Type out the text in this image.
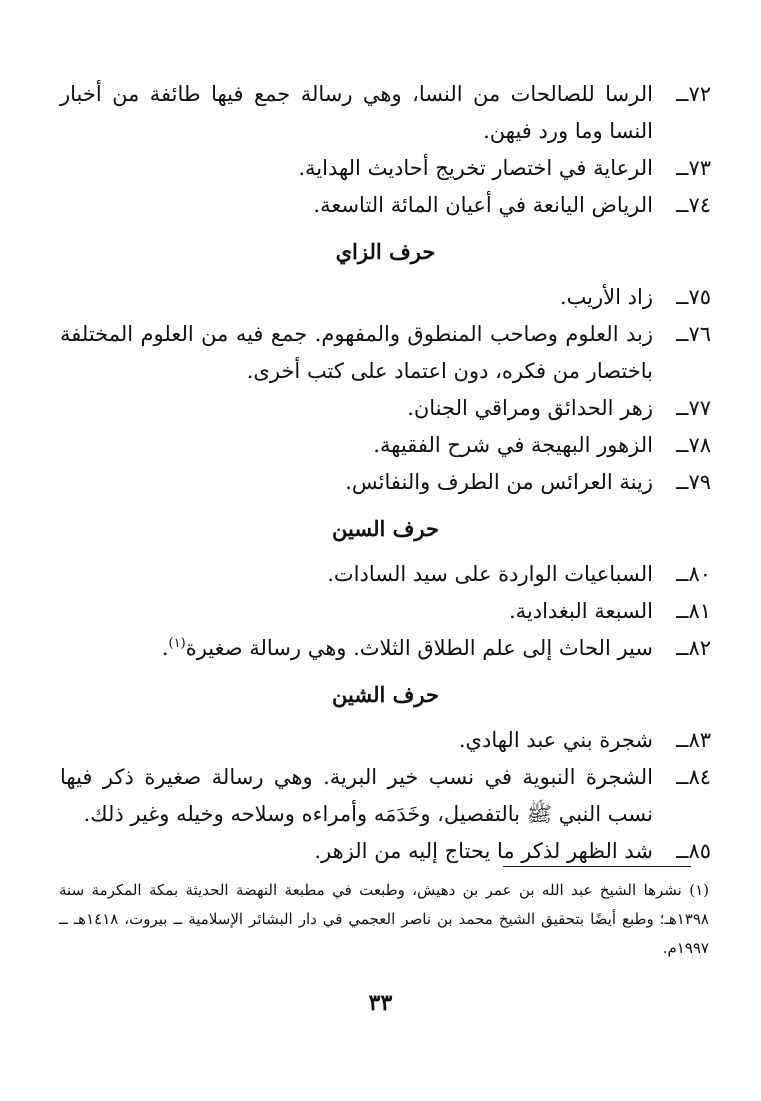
٧٢ــ
الرسا للصالحات من النسا، وهي رسالة جمع فيها طائفة من أخبار النسا وما ورد فيهن.
٧٣ــ
الرعاية في اختصار تخريج أحاديث الهداية.
٧٤ــ
الرياض اليانعة في أعيان المائة التاسعة.
حرف الزاي
٧٥ــ
زاد الأريب.
٧٦ــ
زبد العلوم وصاحب المنطوق والمفهوم. جمع فيه من العلوم المختلفة باختصار من فكره، دون اعتماد على كتب أخرى.
٧٧ــ
زهر الحدائق ومراقي الجنان.
٧٨ــ
الزهور البهيجة في شرح الفقيهة.
٧٩ــ
زينة العرائس من الطرف والنفائس.
حرف السين
٨٠ــ
السباعيات الواردة على سيد السادات.
٨١ــ
السبعة البغدادية.
٨٢ــ
سير الحاث إلى علم الطلاق الثلاث. وهي رسالة صغيرة$^{(١)}$.
حرف الشين
٨٣ــ
شجرة بني عبد الهادي.
٨٤ــ
الشجرة النبوية في نسب خير البرية. وهي رسالة صغيرة ذكر فيها نسب النبي ﷺ بالتفصيل، وخَدَمَه وأمراءه وسلاحه وخيله وغير ذلك.
٨٥ــ
شد الظهر لذكر ما يحتاج إليه من الزهر.
(١) نشرها الشيخ عبد الله بن عمر بن دهيش، وطبعت في مطبعة النهضة الحديثة بمكة المكرمة سنة ١٣٩٨هـ؛ وطبع أيضًا بتحقيق الشيخ محمد بن ناصر العجمي في دار البشائر الإسلامية ــ بيروت، ١٤١٨هـ ــ ١٩٩٧م.
٣٣
